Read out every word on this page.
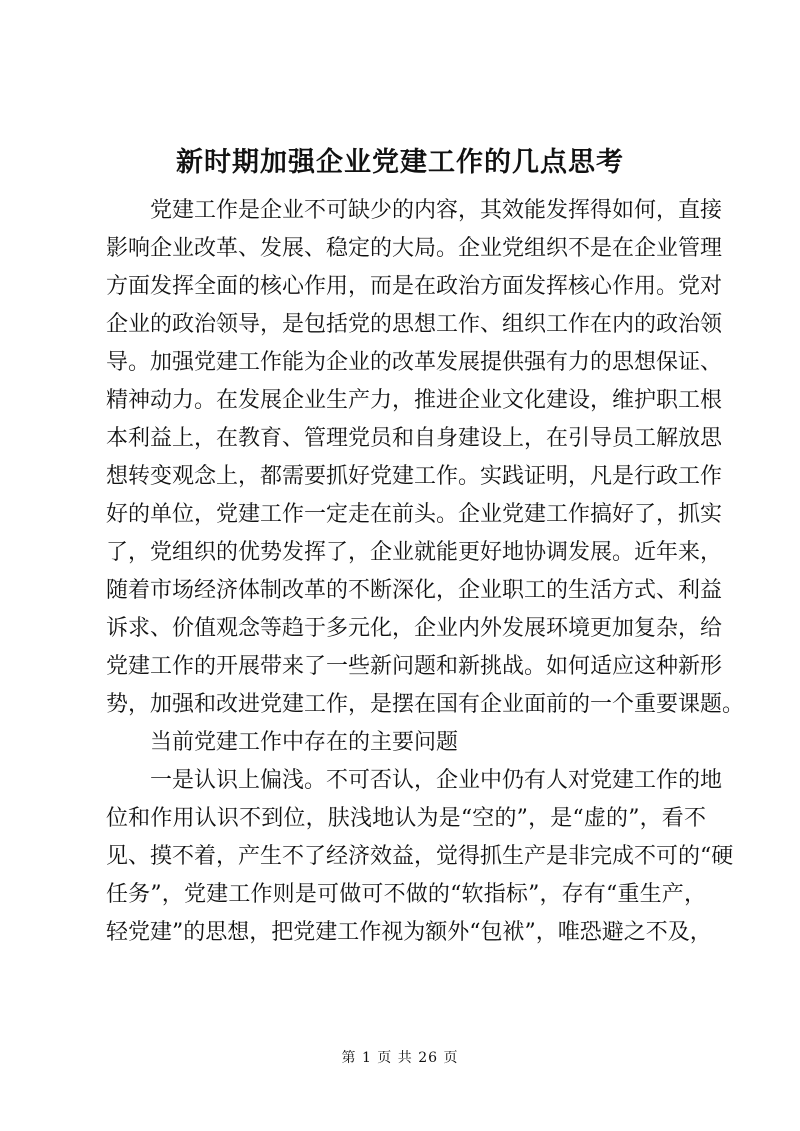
新时期加强企业党建工作的几点思考
党建工作是企业不可缺少的内容，其效能发挥得如何，直接
影响企业改革、发展、稳定的大局。企业党组织不是在企业管理
方面发挥全面的核心作用，而是在政治方面发挥核心作用。党对
企业的政治领导，是包括党的思想工作、组织工作在内的政治领
导。加强党建工作能为企业的改革发展提供强有力的思想保证、
精神动力。在发展企业生产力，推进企业文化建设，维护职工根
本利益上，在教育、管理党员和自身建设上，在引导员工解放思
想转变观念上，都需要抓好党建工作。实践证明，凡是行政工作
好的单位，党建工作一定走在前头。企业党建工作搞好了，抓实
了，党组织的优势发挥了，企业就能更好地协调发展。近年来，
随着市场经济体制改革的不断深化，企业职工的生活方式、利益
诉求、价值观念等趋于多元化，企业内外发展环境更加复杂，给
党建工作的开展带来了一些新问题和新挑战。如何适应这种新形
势，加强和改进党建工作，是摆在国有企业面前的一个重要课题。
当前党建工作中存在的主要问题
一是认识上偏浅。不可否认，企业中仍有人对党建工作的地
位和作用认识不到位，肤浅地认为是“空的”，是“虚的”，看不
见、摸不着，产生不了经济效益，觉得抓生产是非完成不可的“硬
任务”，党建工作则是可做可不做的“软指标”，存有“重生产，
轻党建”的思想，把党建工作视为额外“包袱”，唯恐避之不及，
第 1 页 共 26 页
